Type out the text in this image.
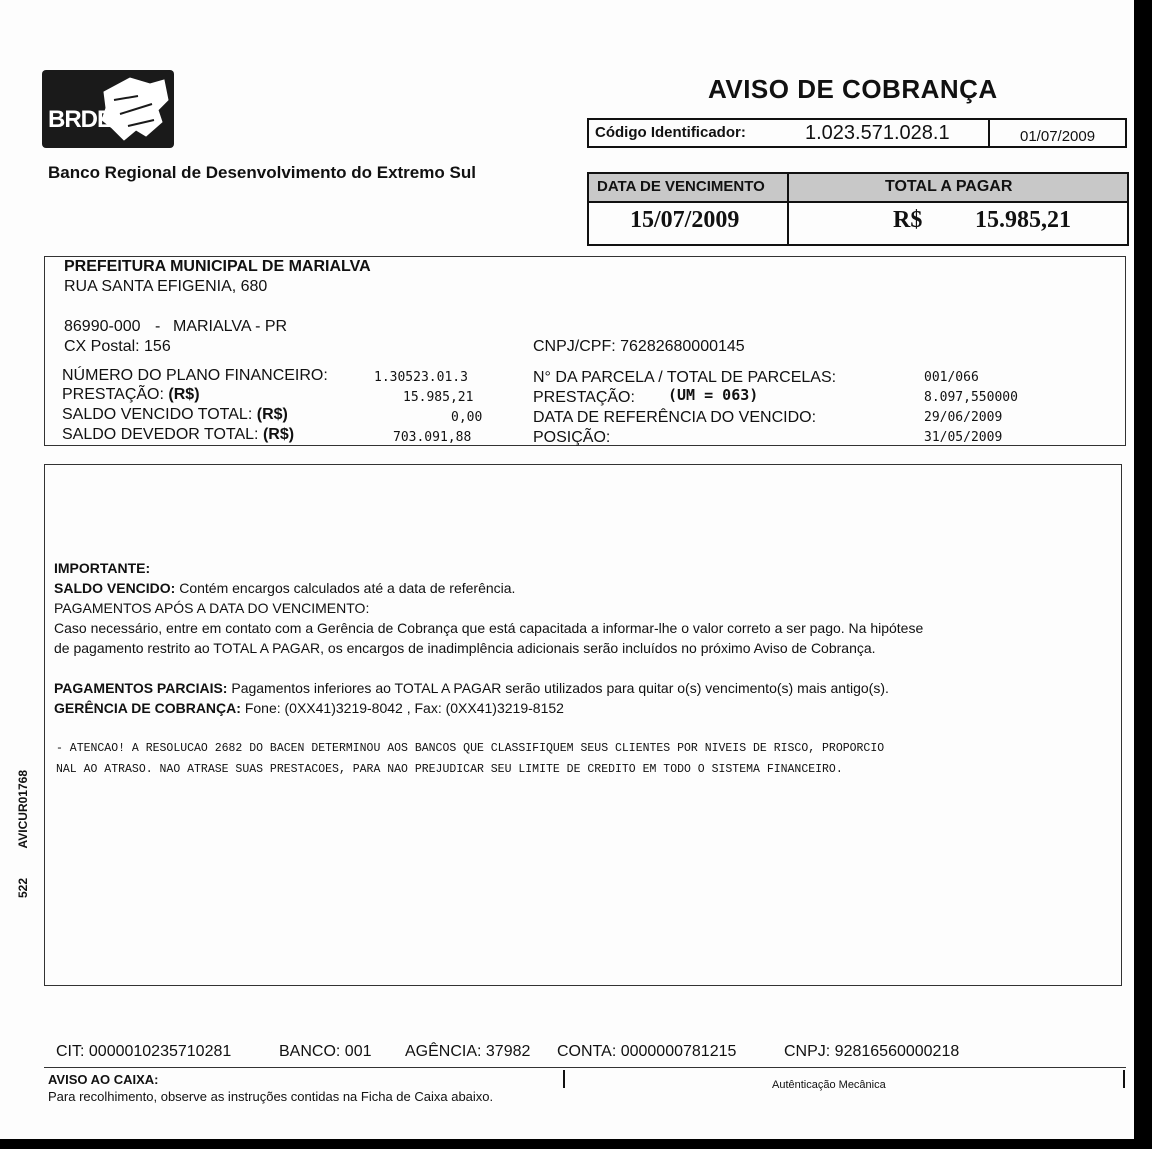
BRDE
Banco Regional de Desenvolvimento do Extremo Sul
AVISO DE COBRANÇA
Código Identificador:	1.023.571.028.1	01/07/2009
DATA DE VENCIMENTO	TOTAL A PAGAR
15/07/2009	R$ 15.985,21
PREFEITURA MUNICIPAL DE MARIALVA
RUA SANTA EFIGENIA, 680
86990-000 - MARIALVA - PR
CX Postal: 156	CNPJ/CPF: 76282680000145
NÚMERO DO PLANO FINANCEIRO:	1.30523.01.3
PRESTAÇÃO: (R$)	15.985,21
SALDO VENCIDO TOTAL: (R$)	0,00
SALDO DEVEDOR TOTAL: (R$)	703.091,88
N° DA PARCELA / TOTAL DE PARCELAS:	001/066
PRESTAÇÃO: (UM = 063)	8.097,550000
DATA DE REFERÊNCIA DO VENCIDO:	29/06/2009
POSIÇÃO:	31/05/2009
IMPORTANTE:
SALDO VENCIDO: Contém encargos calculados até a data de referência.
PAGAMENTOS APÓS A DATA DO VENCIMENTO:
Caso necessário, entre em contato com a Gerência de Cobrança que está capacitada a informar-lhe o valor correto a ser pago. Na hipótese
de pagamento restrito ao TOTAL A PAGAR, os encargos de inadimplência adicionais serão incluídos no próximo Aviso de Cobrança.
PAGAMENTOS PARCIAIS: Pagamentos inferiores ao TOTAL A PAGAR serão utilizados para quitar o(s) vencimento(s) mais antigo(s).
GERÊNCIA DE COBRANÇA: Fone: (0XX41)3219-8042 , Fax: (0XX41)3219-8152
- ATENCAO! A RESOLUCAO 2682 DO BACEN DETERMINOU AOS BANCOS QUE CLASSIFIQUEM SEUS CLIENTES POR NIVEIS DE RISCO, PROPORCIO
NAL AO ATRASO. NAO ATRASE SUAS PRESTACOES, PARA NAO PREJUDICAR SEU LIMITE DE CREDITO EM TODO O SISTEMA FINANCEIRO.
AVICUR01768
522
CIT: 0000010235710281	BANCO: 001 AGÊNCIA: 37982 CONTA: 0000000781215	CNPJ: 92816560000218
AVISO AO CAIXA:
Para recolhimento, observe as instruções contidas na Ficha de Caixa abaixo.
Autênticação Mecânica
